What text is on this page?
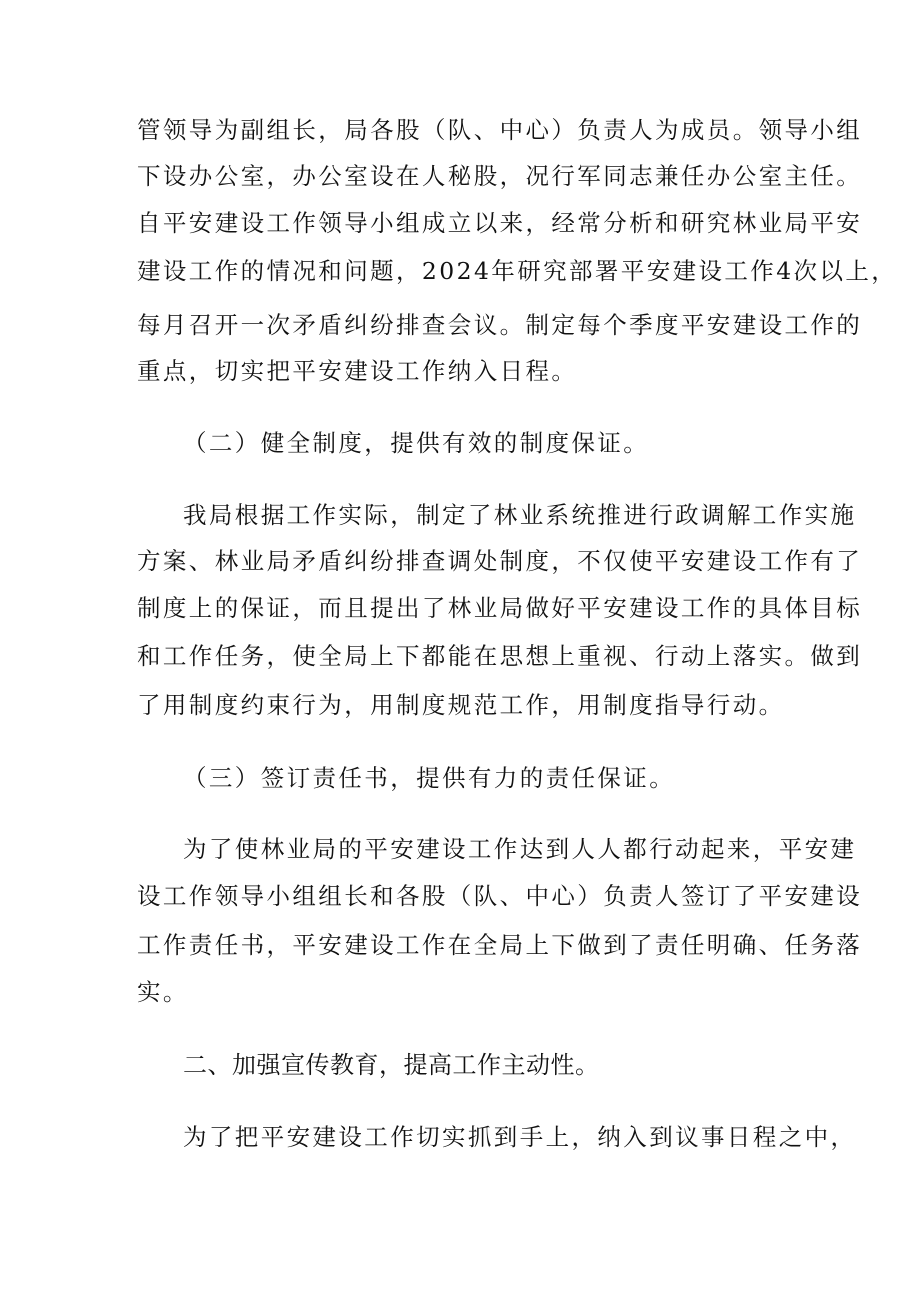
管领导为副组长，局各股（队、中心）负责人为成员。领导小组
下设办公室，办公室设在人秘股，况行军同志兼任办公室主任。
自平安建设工作领导小组成立以来，经常分析和研究林业局平安
建设工作的情况和问题，2024年研究部署平安建设工作4次以上，
每月召开一次矛盾纠纷排查会议。制定每个季度平安建设工作的
重点，切实把平安建设工作纳入日程。
（二）健全制度，提供有效的制度保证。
我局根据工作实际，制定了林业系统推进行政调解工作实施
方案、林业局矛盾纠纷排查调处制度，不仅使平安建设工作有了
制度上的保证，而且提出了林业局做好平安建设工作的具体目标
和工作任务，使全局上下都能在思想上重视、行动上落实。做到
了用制度约束行为，用制度规范工作，用制度指导行动。
（三）签订责任书，提供有力的责任保证。
为了使林业局的平安建设工作达到人人都行动起来，平安建
设工作领导小组组长和各股（队、中心）负责人签订了平安建设
工作责任书，平安建设工作在全局上下做到了责任明确、任务落
实。
二、加强宣传教育，提高工作主动性。
为了把平安建设工作切实抓到手上，纳入到议事日程之中，
